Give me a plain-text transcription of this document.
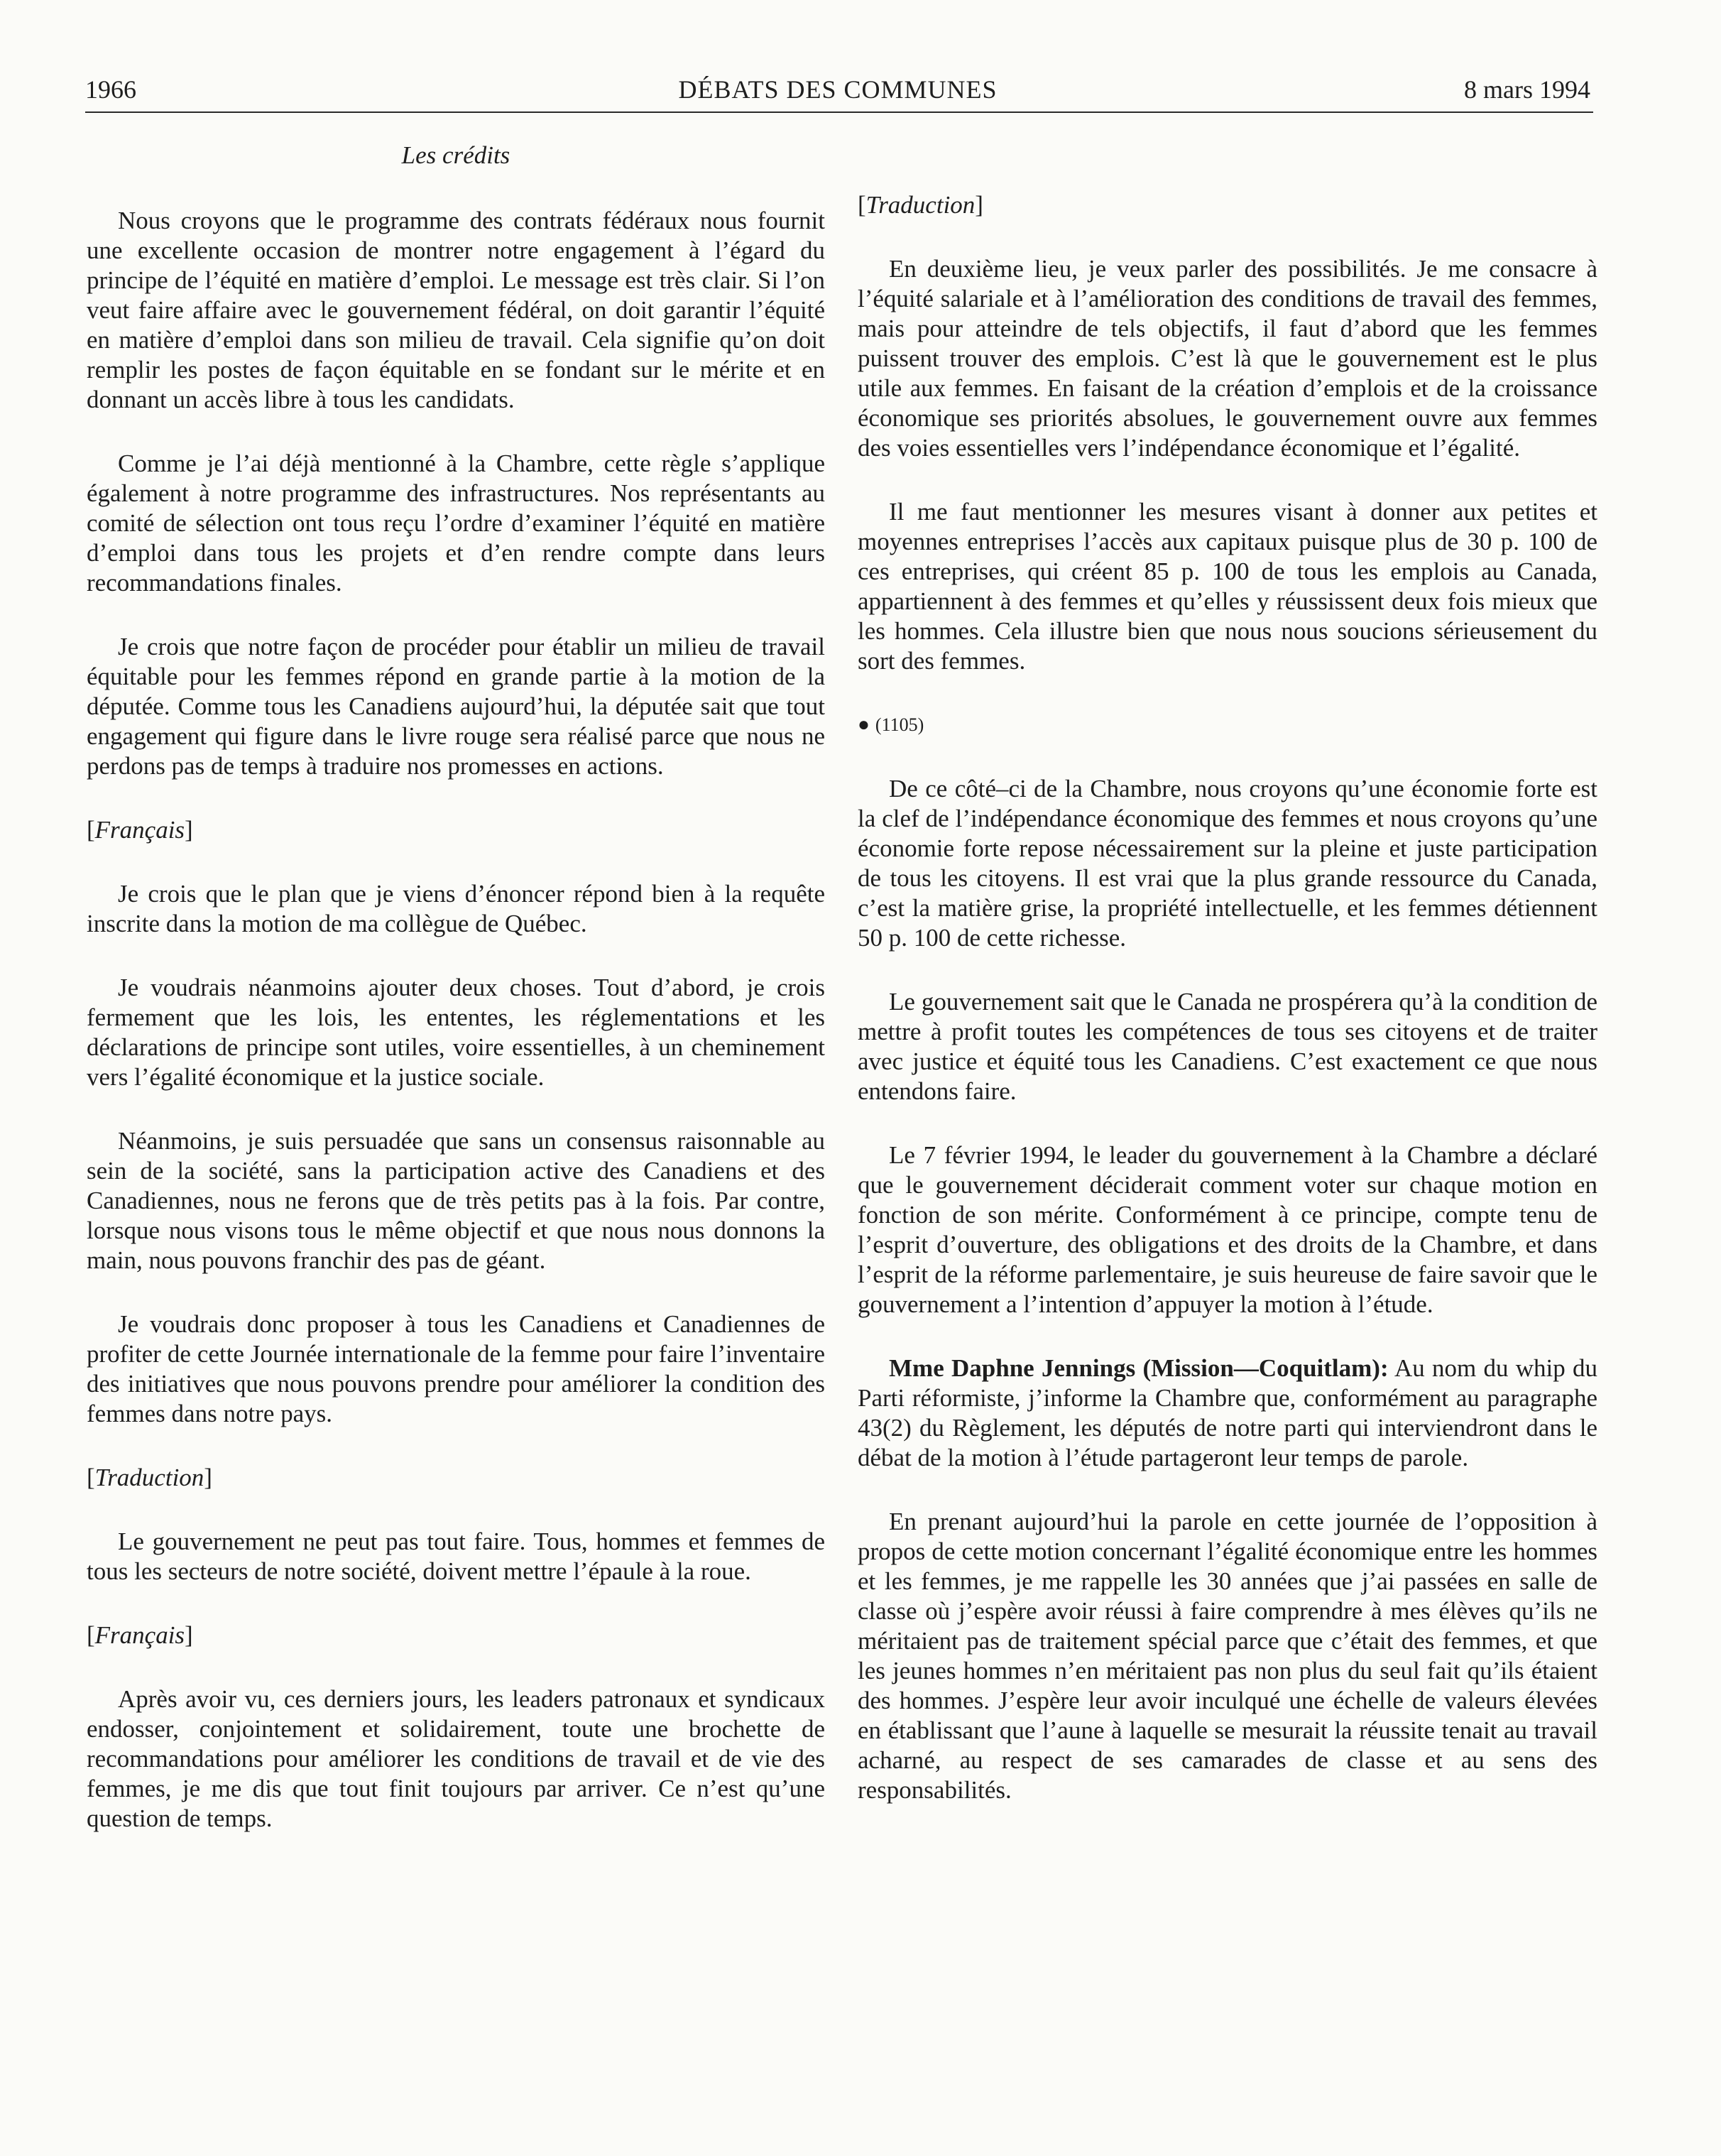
1966	DÉBATS DES COMMUNES	8 mars 1994

Les crédits

Nous croyons que le programme des contrats fédéraux nous fournit une excellente occasion de montrer notre engagement à l’égard du principe de l’équité en matière d’emploi. Le message est très clair. Si l’on veut faire affaire avec le gouvernement fédéral, on doit garantir l’équité en matière d’emploi dans son milieu de travail. Cela signifie qu’on doit remplir les postes de façon équitable en se fondant sur le mérite et en donnant un accès libre à tous les candidats.

Comme je l’ai déjà mentionné à la Chambre, cette règle s’applique également à notre programme des infrastructures. Nos représentants au comité de sélection ont tous reçu l’ordre d’examiner l’équité en matière d’emploi dans tous les projets et d’en rendre compte dans leurs recommandations finales.

Je crois que notre façon de procéder pour établir un milieu de travail équitable pour les femmes répond en grande partie à la motion de la députée. Comme tous les Canadiens aujourd’hui, la députée sait que tout engagement qui figure dans le livre rouge sera réalisé parce que nous ne perdons pas de temps à traduire nos promesses en actions.

[Français]

Je crois que le plan que je viens d’énoncer répond bien à la requête inscrite dans la motion de ma collègue de Québec.

Je voudrais néanmoins ajouter deux choses. Tout d’abord, je crois fermement que les lois, les ententes, les réglementations et les déclarations de principe sont utiles, voire essentielles, à un cheminement vers l’égalité économique et la justice sociale.

Néanmoins, je suis persuadée que sans un consensus raisonnable au sein de la société, sans la participation active des Canadiens et des Canadiennes, nous ne ferons que de très petits pas à la fois. Par contre, lorsque nous visons tous le même objectif et que nous nous donnons la main, nous pouvons franchir des pas de géant.

Je voudrais donc proposer à tous les Canadiens et Canadiennes de profiter de cette Journée internationale de la femme pour faire l’inventaire des initiatives que nous pouvons prendre pour améliorer la condition des femmes dans notre pays.

[Traduction]

Le gouvernement ne peut pas tout faire. Tous, hommes et femmes de tous les secteurs de notre société, doivent mettre l’épaule à la roue.

[Français]

Après avoir vu, ces derniers jours, les leaders patronaux et syndicaux endosser, conjointement et solidairement, toute une brochette de recommandations pour améliorer les conditions de travail et de vie des femmes, je me dis que tout finit toujours par arriver. Ce n’est qu’une question de temps.

[Traduction]

En deuxième lieu, je veux parler des possibilités. Je me consacre à l’équité salariale et à l’amélioration des conditions de travail des femmes, mais pour atteindre de tels objectifs, il faut d’abord que les femmes puissent trouver des emplois. C’est là que le gouvernement est le plus utile aux femmes. En faisant de la création d’emplois et de la croissance économique ses priorités absolues, le gouvernement ouvre aux femmes des voies essentielles vers l’indépendance économique et l’égalité.

Il me faut mentionner les mesures visant à donner aux petites et moyennes entreprises l’accès aux capitaux puisque plus de 30 p. 100 de ces entreprises, qui créent 85 p. 100 de tous les emplois au Canada, appartiennent à des femmes et qu’elles y réussissent deux fois mieux que les hommes. Cela illustre bien que nous nous soucions sérieusement du sort des femmes.

● (1105)

De ce côté–ci de la Chambre, nous croyons qu’une économie forte est la clef de l’indépendance économique des femmes et nous croyons qu’une économie forte repose nécessairement sur la pleine et juste participation de tous les citoyens. Il est vrai que la plus grande ressource du Canada, c’est la matière grise, la propriété intellectuelle, et les femmes détiennent 50 p. 100 de cette richesse.

Le gouvernement sait que le Canada ne prospérera qu’à la condition de mettre à profit toutes les compétences de tous ses citoyens et de traiter avec justice et équité tous les Canadiens. C’est exactement ce que nous entendons faire.

Le 7 février 1994, le leader du gouvernement à la Chambre a déclaré que le gouvernement déciderait comment voter sur chaque motion en fonction de son mérite. Conformément à ce principe, compte tenu de l’esprit d’ouverture, des obligations et des droits de la Chambre, et dans l’esprit de la réforme parlementaire, je suis heureuse de faire savoir que le gouvernement a l’intention d’appuyer la motion à l’étude.

Mme Daphne Jennings (Mission—Coquitlam): Au nom du whip du Parti réformiste, j’informe la Chambre que, conformément au paragraphe 43(2) du Règlement, les députés de notre parti qui interviendront dans le débat de la motion à l’étude partageront leur temps de parole.

En prenant aujourd’hui la parole en cette journée de l’opposition à propos de cette motion concernant l’égalité économique entre les hommes et les femmes, je me rappelle les 30 années que j’ai passées en salle de classe où j’espère avoir réussi à faire comprendre à mes élèves qu’ils ne méritaient pas de traitement spécial parce que c’était des femmes, et que les jeunes hommes n’en méritaient pas non plus du seul fait qu’ils étaient des hommes. J’espère leur avoir inculqué une échelle de valeurs élevées en établissant que l’aune à laquelle se mesurait la réussite tenait au travail acharné, au respect de ses camarades de classe et au sens des responsabilités.
